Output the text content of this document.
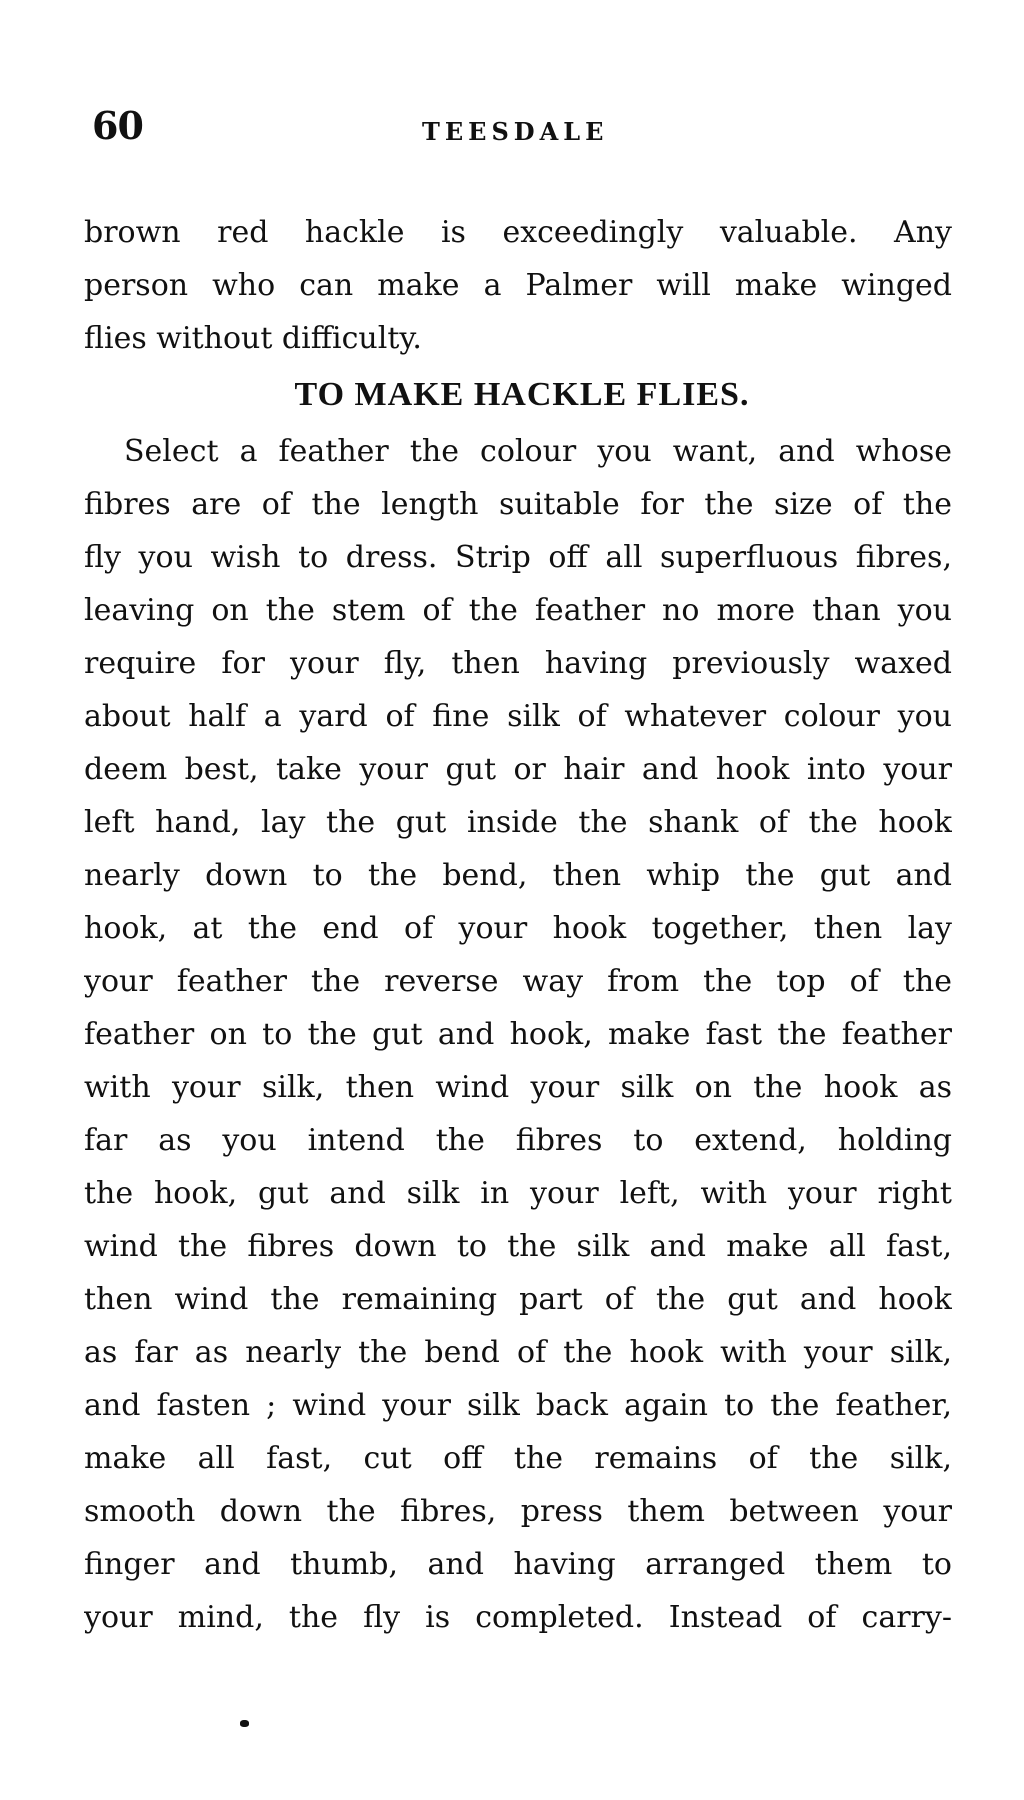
60	TEESDALE

brown red hackle is exceedingly valuable. Any
person who can make a Palmer will make winged
flies without difficulty.

TO MAKE HACKLE FLIES.

Select a feather the colour you want, and whose
fibres are of the length suitable for the size of the
fly you wish to dress. Strip off all superfluous fibres,
leaving on the stem of the feather no more than you
require for your fly, then having previously waxed
about half a yard of fine silk of whatever colour you
deem best, take your gut or hair and hook into your
left hand, lay the gut inside the shank of the hook
nearly down to the bend, then whip the gut and
hook, at the end of your hook together, then lay
your feather the reverse way from the top of the
feather on to the gut and hook, make fast the feather
with your silk, then wind your silk on the hook as
far as you intend the fibres to extend, holding
the hook, gut and silk in your left, with your right
wind the fibres down to the silk and make all fast,
then wind the remaining part of the gut and hook
as far as nearly the bend of the hook with your silk,
and fasten ; wind your silk back again to the feather,
make all fast, cut off the remains of the silk,
smooth down the fibres, press them between your
finger and thumb, and having arranged them to
your mind, the fly is completed. Instead of carry-
